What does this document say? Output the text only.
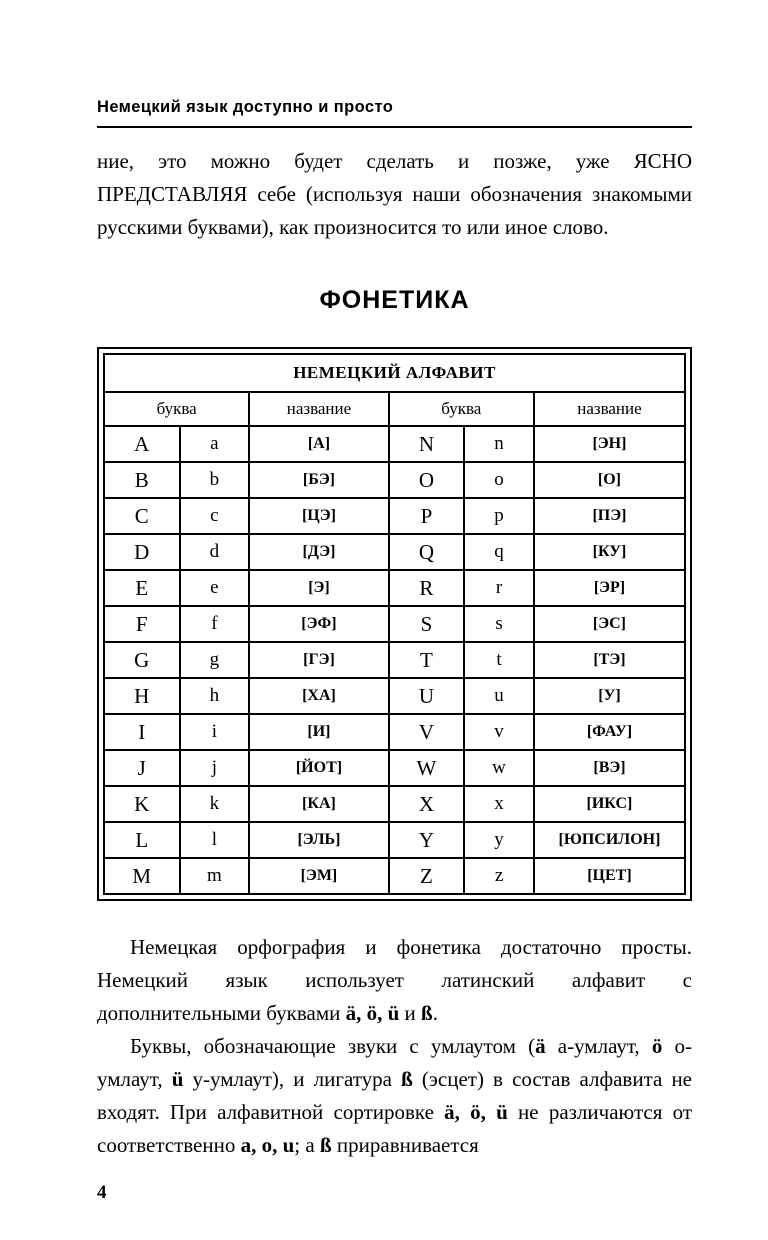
Немецкий язык доступно и просто

ние, это можно будет сделать и позже, уже ЯСНО ПРЕДСТАВЛЯЯ себе (используя наши обозначения знакомыми русскими буквами), как произносится то или иное слово.

ФОНЕТИКА
НЕМЕЦКИЙ АЛФАВИТ					
буква		название	буква		название
A	a	[А]	N	n	[ЭН]
B	b	[БЭ]	O	o	[О]
C	c	[ЦЭ]	P	p	[ПЭ]
D	d	[ДЭ]	Q	q	[КУ]
E	e	[Э]	R	r	[ЭР]
F	f	[ЭФ]	S	s	[ЭС]
G	g	[ГЭ]	T	t	[ТЭ]
H	h	[ХА]	U	u	[У]
I	i	[И]	V	v	[ФАУ]
J	j	[ЙОТ]	W	w	[ВЭ]
K	k	[КА]	X	x	[ИКС]
L	l	[ЭЛЬ]	Y	y	[ЮПСИЛОН]
M	m	[ЭМ]	Z	z	[ЦЕТ]

Немецкая орфография и фонетика достаточно просты. Немецкий язык использует латинский алфавит с дополнительными буквами ä, ö, ü и ß.

Буквы, обозначающие звуки с умлаутом (ä а-умлаут, ö о-умлаут, ü у-умлаут), и лигатура ß (эсцет) в состав алфавита не входят. При алфавитной сортировке ä, ö, ü не различаются от соответственно a, o, u; а ß приравнивается

4
